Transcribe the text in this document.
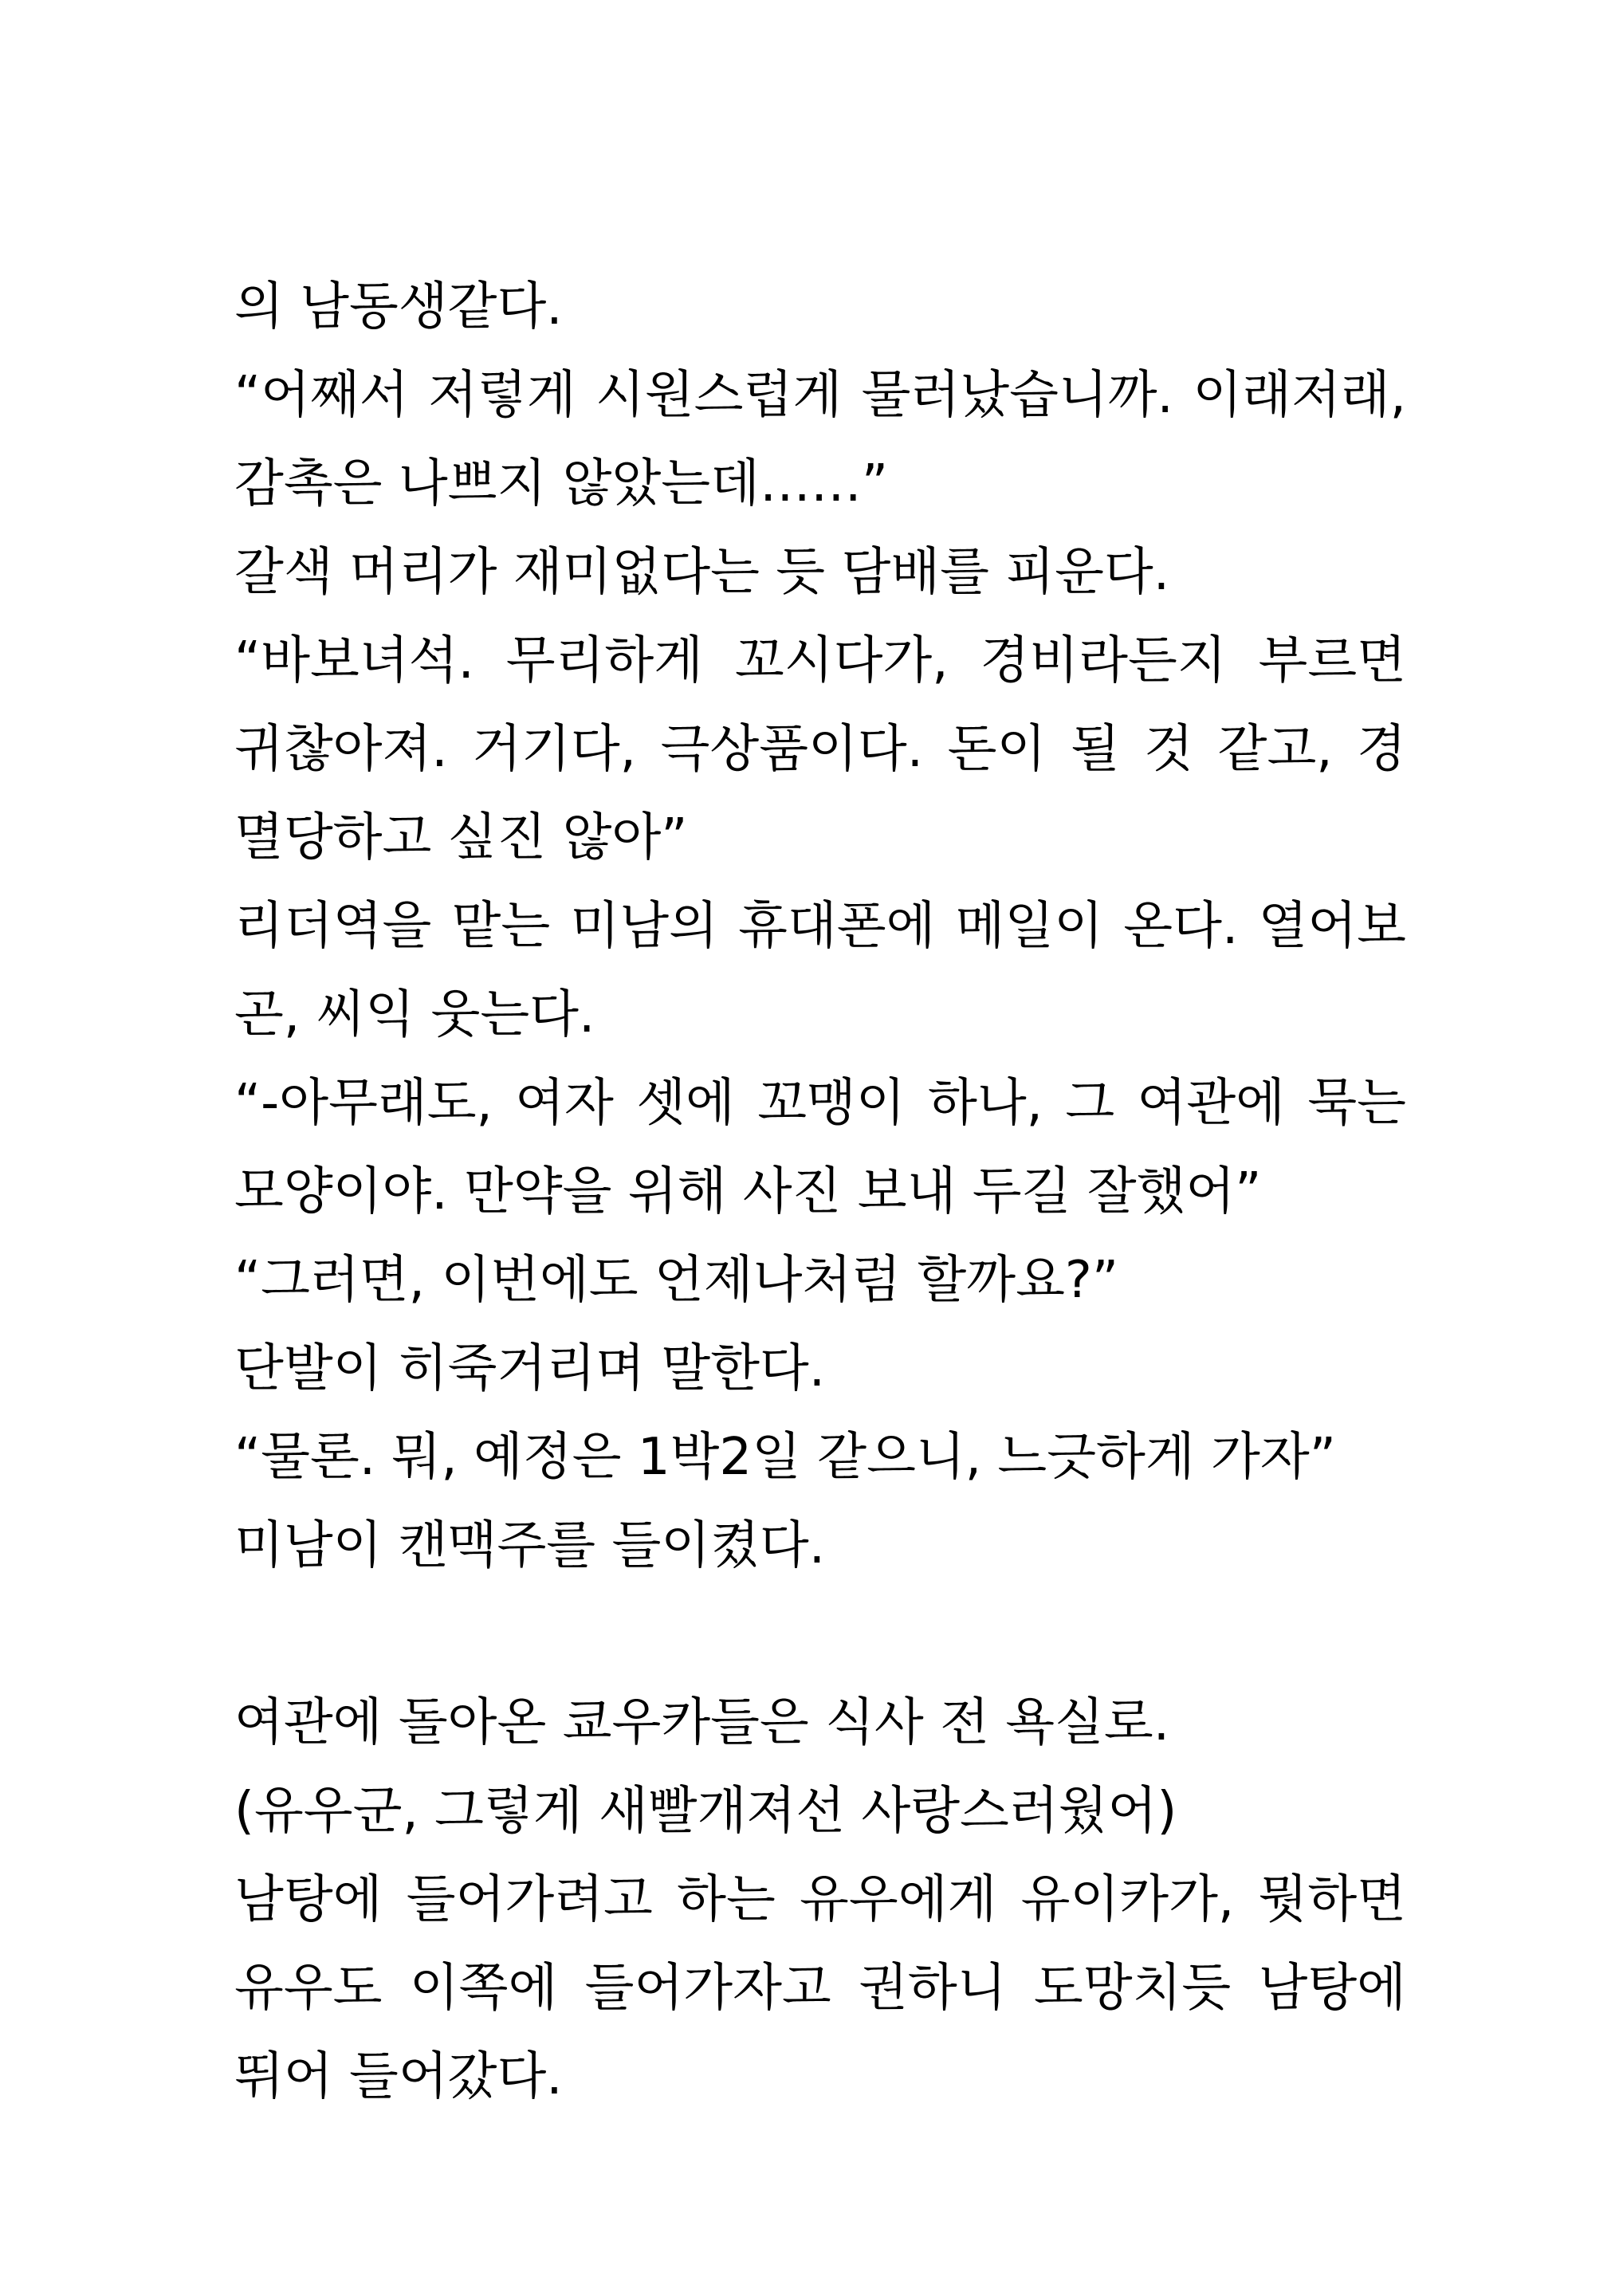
의 남동생같다.
“어째서 저렇게 시원스럽게 물러났습니까. 이래저래,
감촉은 나쁘지 않았는데……”
갈색 머리가 재미없다는 듯 담배를 피운다.
“바보녀석. 무리하게 꼬시다가, 경비라든지 부르면
귀찮아져. 거기다, 극상품이다. 돈이 될 것 같고, 경
멸당하고 싶진 않아”
리더역을 맡는 미남의 휴대폰에 메일이 온다. 열어보
곤, 씨익 웃는다.
“-아무래도, 여자 셋에 꼬맹이 하나, 그 여관에 묵는
모양이야. 만약을 위해 사진 보내 두길 잘했어”
“그러면, 이번에도 언제나처럼 할까요?”
단발이 히죽거리며 말한다.
“물론. 뭐, 예정은 1박2일 같으니, 느긋하게 가자”
미남이 캔맥주를 들이켰다.
여관에 돌아온 쿄우카들은 식사 전 욕실로.
(유우군, 그렇게 새빨개져선 사랑스러웠어)
남탕에 들어가려고 하는 유우에게 유이카가, 뭣하면
유우도 이쪽에 들어가자고 권하니 도망치듯 남탕에
뛰어 들어갔다.
